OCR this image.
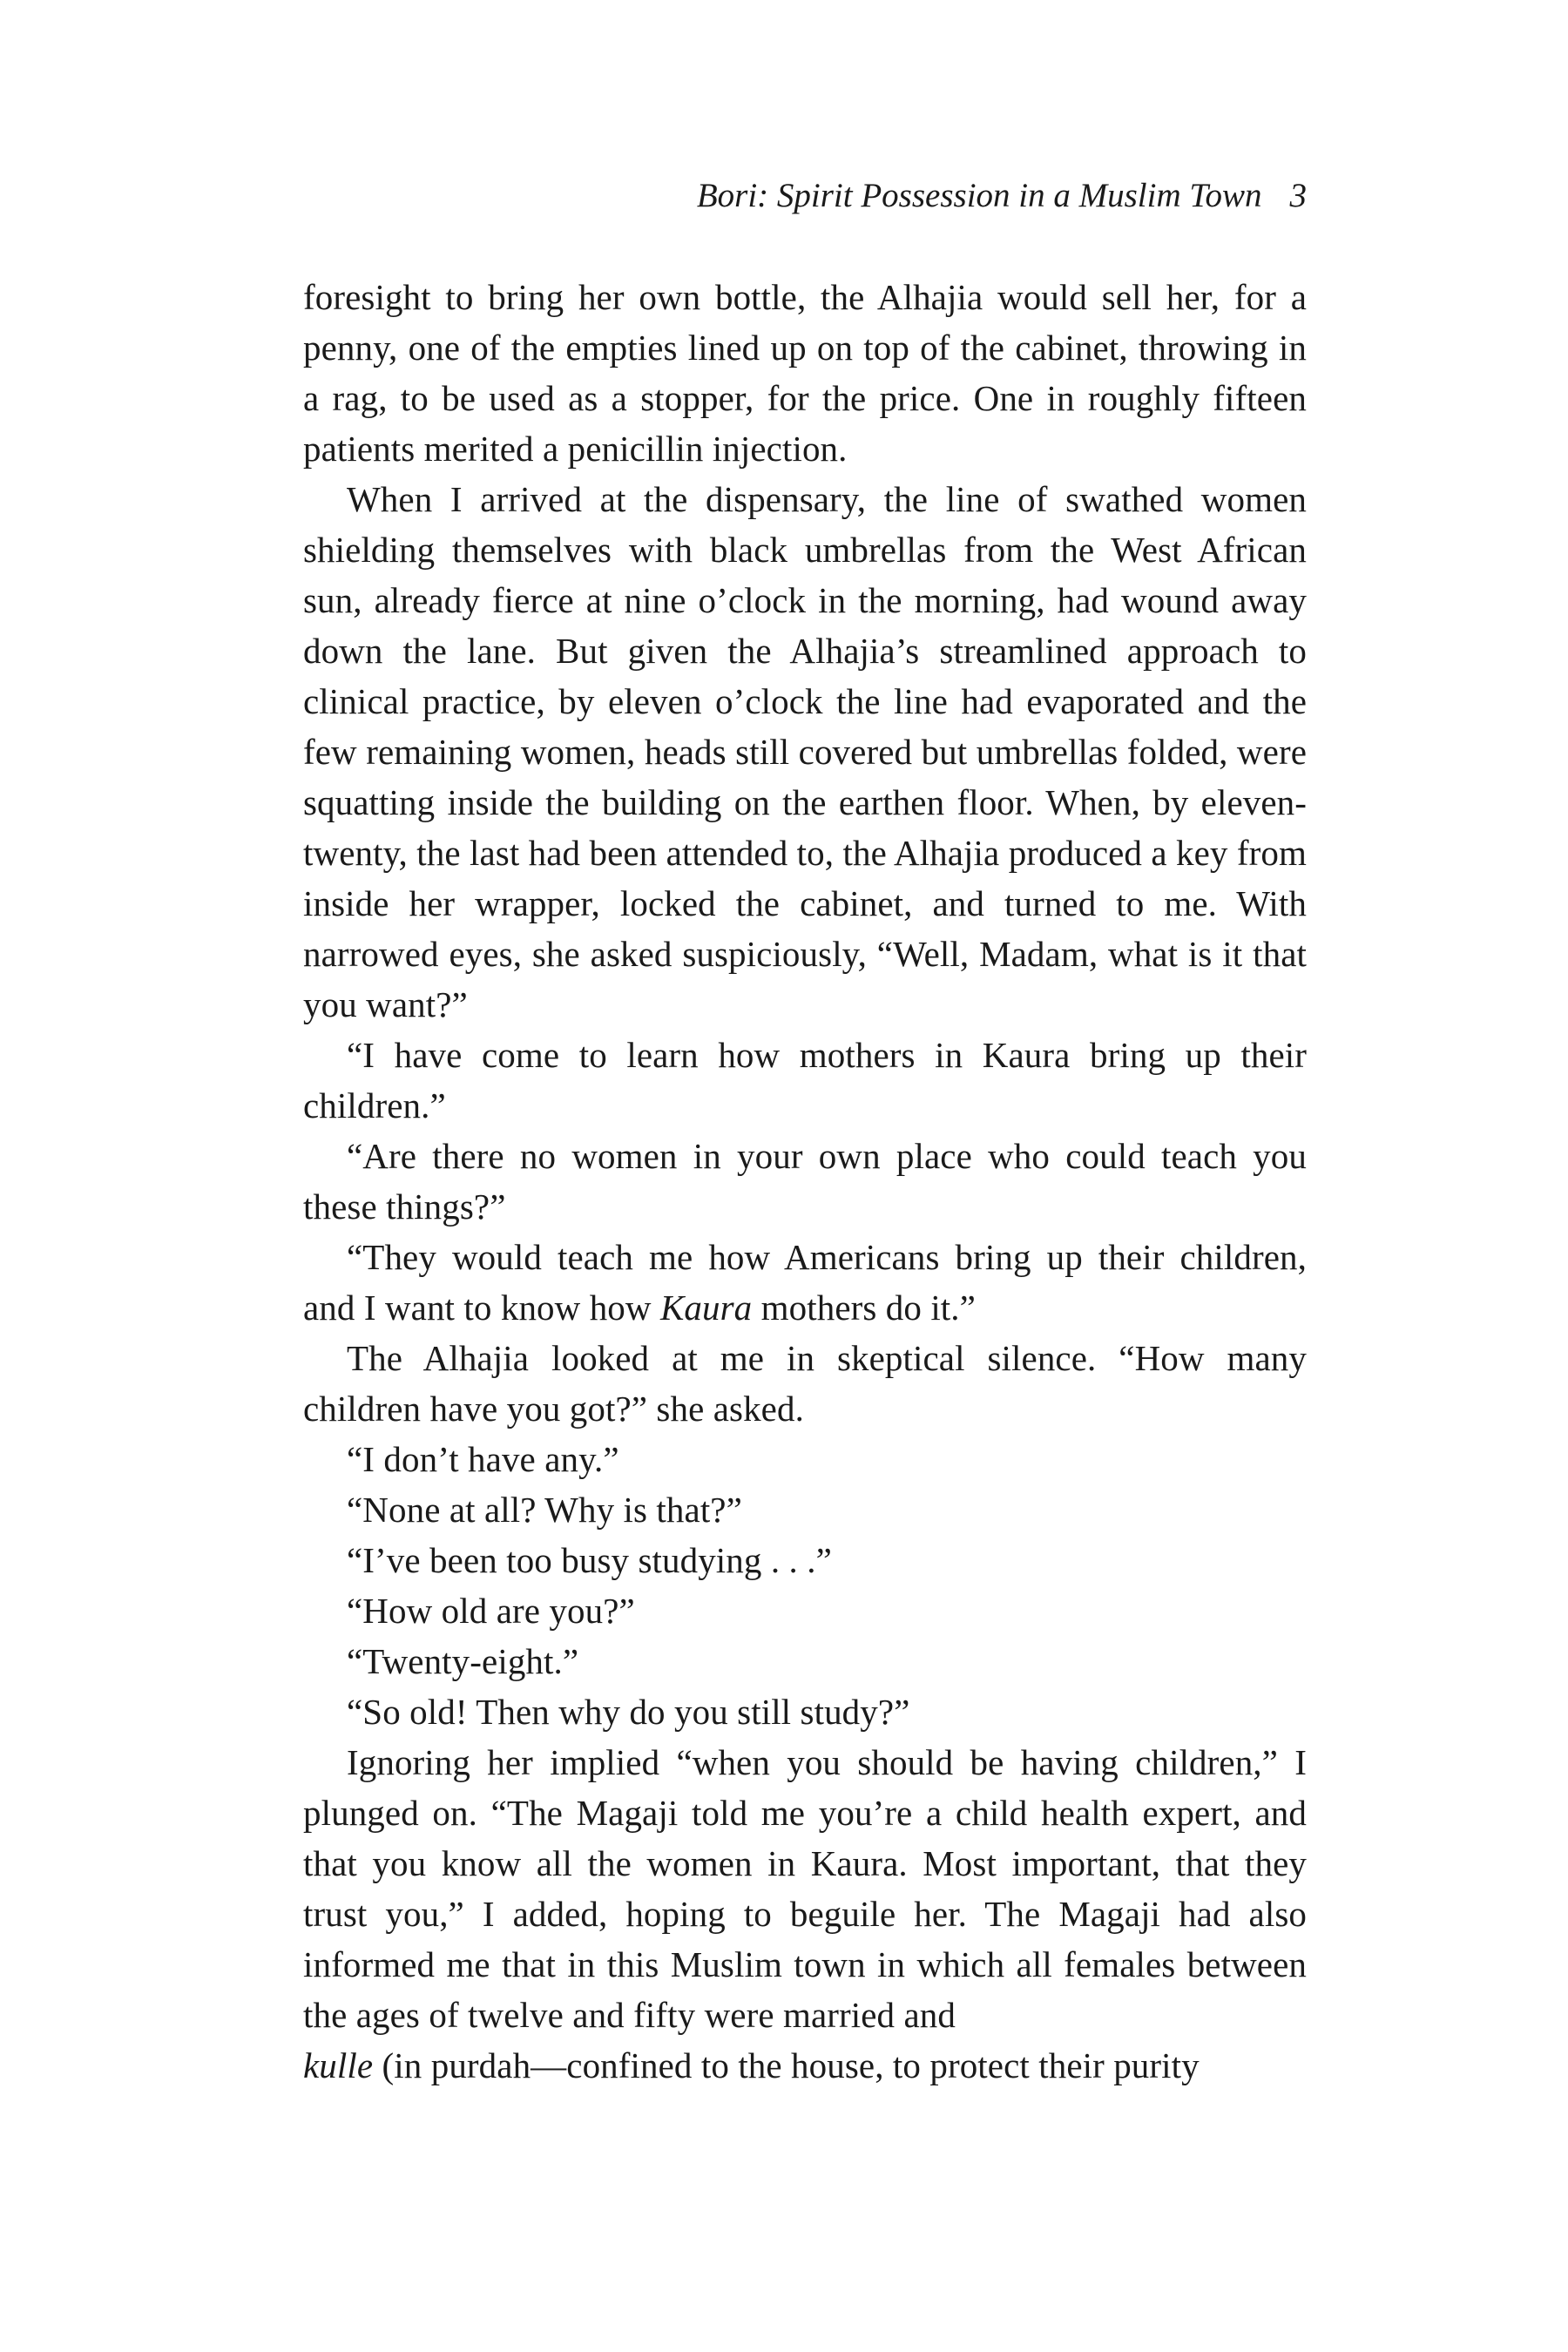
Bori: Spirit Possession in a Muslim Town 3

foresight to bring her own bottle, the Alhajia would sell her, for a penny, one of the empties lined up on top of the cabinet, throwing in a rag, to be used as a stopper, for the price. One in roughly fifteen patients merited a penicillin injection.

When I arrived at the dispensary, the line of swathed women shielding themselves with black umbrellas from the West African sun, already fierce at nine o’clock in the morning, had wound away down the lane. But given the Alhajia’s streamlined approach to clinical practice, by eleven o’clock the line had evaporated and the few remaining women, heads still covered but umbrellas folded, were squatting inside the building on the earthen floor. When, by eleven-twenty, the last had been attended to, the Alhajia produced a key from inside her wrapper, locked the cabinet, and turned to me. With narrowed eyes, she asked suspiciously, “Well, Madam, what is it that you want?”

“I have come to learn how mothers in Kaura bring up their children.”

“Are there no women in your own place who could teach you these things?”

“They would teach me how Americans bring up their children, and I want to know how Kaura mothers do it.”

The Alhajia looked at me in skeptical silence. “How many children have you got?” she asked.

“I don’t have any.”

“None at all? Why is that?”

“I’ve been too busy studying . . .”

“How old are you?”

“Twenty-eight.”

“So old! Then why do you still study?”

Ignoring her implied “when you should be having children,” I plunged on. “The Magaji told me you’re a child health expert, and that you know all the women in Kaura. Most important, that they trust you,” I added, hoping to beguile her. The Magaji had also informed me that in this Muslim town in which all females between the ages of twelve and fifty were married and

kulle (in purdah—confined to the house, to protect their purity
